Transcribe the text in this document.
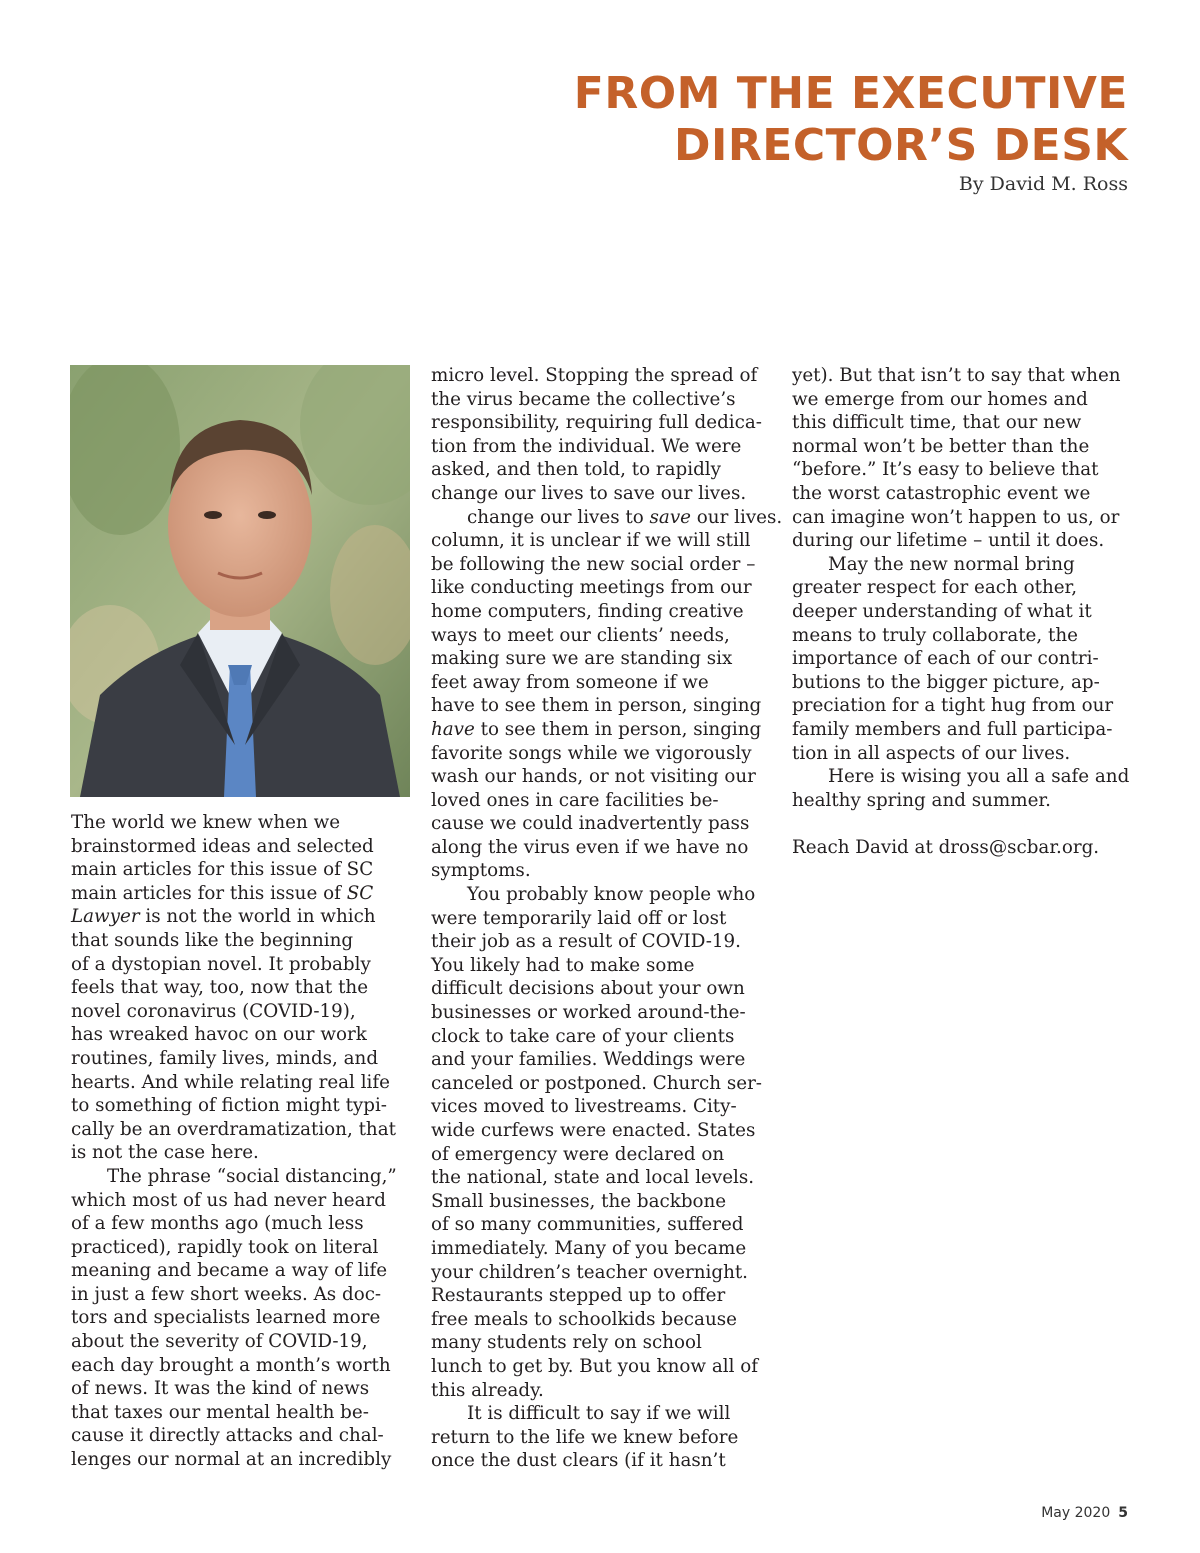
FROM THE EXECUTIVE
DIRECTOR’S DESK
By David M. Ross
The world we knew when we
brainstormed ideas and selected
main articles for this issue of SC
main articles for this issue of SC
Lawyer is not the world in which
that sounds like the beginning
of a dystopian novel. It probably
feels that way, too, now that the
novel coronavirus (COVID-19),
has wreaked havoc on our work
routines, family lives, minds, and
hearts. And while relating real life
to something of fiction might typi-
cally be an overdramatization, that
is not the case here.
The phrase “social distancing,”
which most of us had never heard
of a few months ago (much less
practiced), rapidly took on literal
meaning and became a way of life
in just a few short weeks. As doc-
tors and specialists learned more
about the severity of COVID-19,
each day brought a month’s worth
of news. It was the kind of news
that taxes our mental health be-
cause it directly attacks and chal-
lenges our normal at an incredibly
micro level. Stopping the spread of
the virus became the collective’s
responsibility, requiring full dedica-
tion from the individual. We were
asked, and then told, to rapidly
change our lives to save our lives.
change our lives to save our lives.
column, it is unclear if we will still
be following the new social order –
like conducting meetings from our
home computers, finding creative
ways to meet our clients’ needs,
making sure we are standing six
feet away from someone if we
have to see them in person, singing
have to see them in person, singing
favorite songs while we vigorously
wash our hands, or not visiting our
loved ones in care facilities be-
cause we could inadvertently pass
along the virus even if we have no
symptoms.
You probably know people who
were temporarily laid off or lost
their job as a result of COVID-19.
You likely had to make some
difficult decisions about your own
businesses or worked around-the-
clock to take care of your clients
and your families. Weddings were
canceled or postponed. Church ser-
vices moved to livestreams. City-
wide curfews were enacted. States
of emergency were declared on
the national, state and local levels.
Small businesses, the backbone
of so many communities, suffered
immediately. Many of you became
your children’s teacher overnight.
Restaurants stepped up to offer
free meals to schoolkids because
many students rely on school
lunch to get by. But you know all of
this already.
It is difficult to say if we will
return to the life we knew before
once the dust clears (if it hasn’t
yet). But that isn’t to say that when
we emerge from our homes and
this difficult time, that our new
normal won’t be better than the
“before.” It’s easy to believe that
the worst catastrophic event we
can imagine won’t happen to us, or
during our lifetime – until it does.
May the new normal bring
greater respect for each other,
deeper understanding of what it
means to truly collaborate, the
importance of each of our contri-
butions to the bigger picture, ap-
preciation for a tight hug from our
family members and full participa-
tion in all aspects of our lives.
Here is wising you all a safe and
healthy spring and summer.
Reach David at dross@scbar.org.
May 2020 5
